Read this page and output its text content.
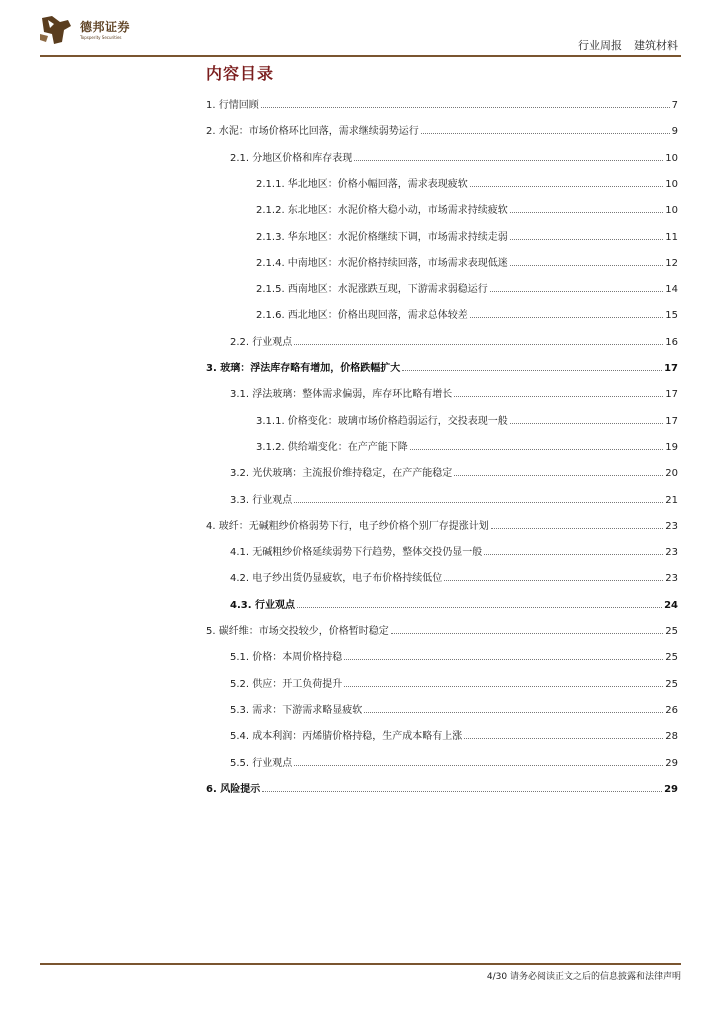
德邦证券
Topsperity Securities
行业周报 建筑材料
内容目录
1. 行情回顾	7
2. 水泥：市场价格环比回落，需求继续弱势运行	9
2.1. 分地区价格和库存表现	10
2.1.1. 华北地区：价格小幅回落，需求表现疲软	10
2.1.2. 东北地区：水泥价格大稳小动，市场需求持续疲软	10
2.1.3. 华东地区：水泥价格继续下调，市场需求持续走弱	11
2.1.4. 中南地区：水泥价格持续回落，市场需求表现低迷	12
2.1.5. 西南地区：水泥涨跌互现，下游需求弱稳运行	14
2.1.6. 西北地区：价格出现回落，需求总体较差	15
2.2. 行业观点	16
3. 玻璃：浮法库存略有增加，价格跌幅扩大	17
3.1. 浮法玻璃：整体需求偏弱，库存环比略有增长	17
3.1.1. 价格变化：玻璃市场价格趋弱运行，交投表现一般	17
3.1.2. 供给端变化：在产产能下降	19
3.2. 光伏玻璃：主流报价维持稳定，在产产能稳定	20
3.3. 行业观点	21
4. 玻纤：无碱粗纱价格弱势下行，电子纱价格个别厂存提涨计划	23
4.1. 无碱粗纱价格延续弱势下行趋势，整体交投仍显一般	23
4.2. 电子纱出货仍显疲软，电子布价格持续低位	23
4.3. 行业观点	24
5. 碳纤维：市场交投较少，价格暂时稳定	25
5.1. 价格：本周价格持稳	25
5.2. 供应：开工负荷提升	25
5.3. 需求：下游需求略显疲软	26
5.4. 成本利润：丙烯腈价格持稳，生产成本略有上涨	28
5.5. 行业观点	29
6. 风险提示	29
4/30 请务必阅读正文之后的信息披露和法律声明
